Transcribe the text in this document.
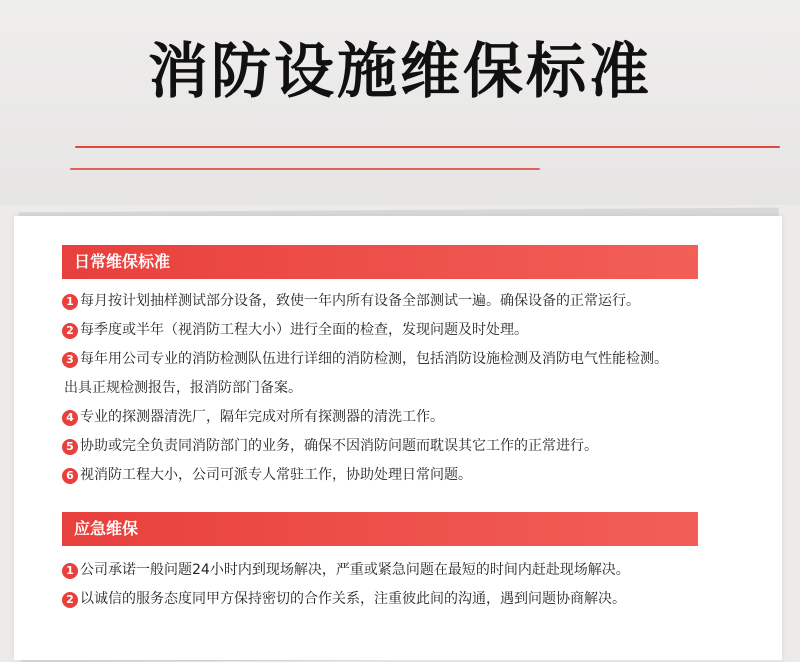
消防设施维保标准
日常维保标准
1 每月按计划抽样测试部分设备，致使一年内所有设备全部测试一遍。确保设备的正常运行。
2 每季度或半年（视消防工程大小）进行全面的检查，发现问题及时处理。
3 每年用公司专业的消防检测队伍进行详细的消防检测，包括消防设施检测及消防电气性能检测。
出具正规检测报告，报消防部门备案。
4 专业的探测器清洗厂，隔年完成对所有探测器的清洗工作。
5 协助或完全负责同消防部门的业务，确保不因消防问题而耽误其它工作的正常进行。
6 视消防工程大小，公司可派专人常驻工作，协助处理日常问题。
应急维保
1 公司承诺一般问题24小时内到现场解决，严重或紧急问题在最短的时间内赶赴现场解决。
2 以诚信的服务态度同甲方保持密切的合作关系，注重彼此间的沟通，遇到问题协商解决。
